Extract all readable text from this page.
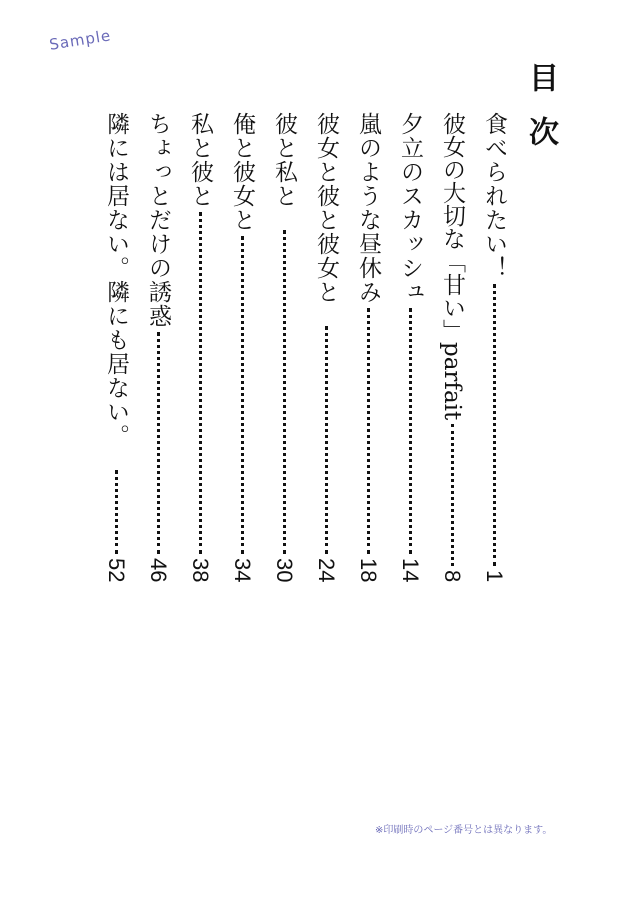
Sample
目次
食べられたい！
1
彼女の大切な「甘い」parfait
8
夕立のスカッシュ
14
嵐のような昼休み
18
彼女と彼と彼女と
24
彼と私と
30
俺と彼女と
34
私と彼と
38
ちょっとだけの誘惑
46
隣には居ない。隣にも居ない。
52
※印刷時のページ番号とは異なります。
